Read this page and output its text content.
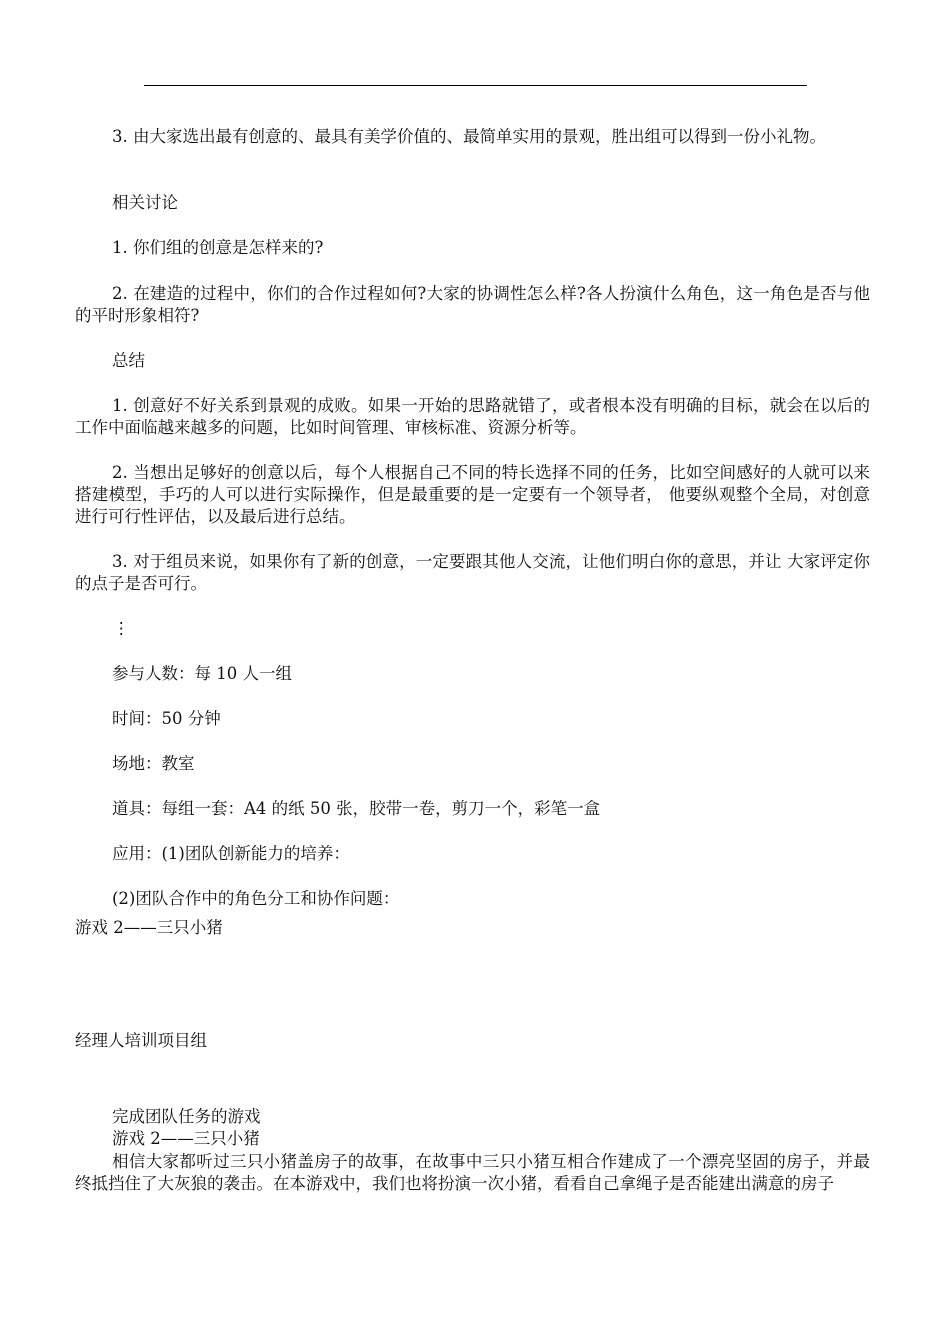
3. 由大家选出最有创意的、最具有美学价值的、最简单实用的景观，胜出组可以得到一份小礼物。
相关讨论
1. 你们组的创意是怎样来的?
2. 在建造的过程中，你们的合作过程如何?大家的协调性怎么样?各人扮演什么角色，这一角色是否与他的平时形象相符?
总结
1. 创意好不好关系到景观的成败。如果一开始的思路就错了，或者根本没有明确的目标，就会在以后的工作中面临越来越多的问题，比如时间管理、审核标准、资源分析等。
2. 当想出足够好的创意以后，每个人根据自己不同的特长选择不同的任务，比如空间感好的人就可以来搭建模型，手巧的人可以进行实际操作，但是最重要的是一定要有一个领导者， 他要纵观整个全局，对创意进行可行性评估，以及最后进行总结。
3. 对于组员来说，如果你有了新的创意，一定要跟其他人交流，让他们明白你的意思，并让 大家评定你的点子是否可行。
⋮
参与人数：每 10 人一组
时间：50 分钟
场地：教室
道具：每组一套：A4 的纸 50 张，胶带一卷，剪刀一个，彩笔一盒
应用：(1)团队创新能力的培养：
(2)团队合作中的角色分工和协作问题：
游戏 2——三只小猪
经理人培训项目组
完成团队任务的游戏
游戏 2——三只小猪
相信大家都听过三只小猪盖房子的故事，在故事中三只小猪互相合作建成了一个漂亮坚固的房子，并最终抵挡住了大灰狼的袭击。在本游戏中，我们也将扮演一次小猪，看看自己拿绳子是否能建出满意的房子
